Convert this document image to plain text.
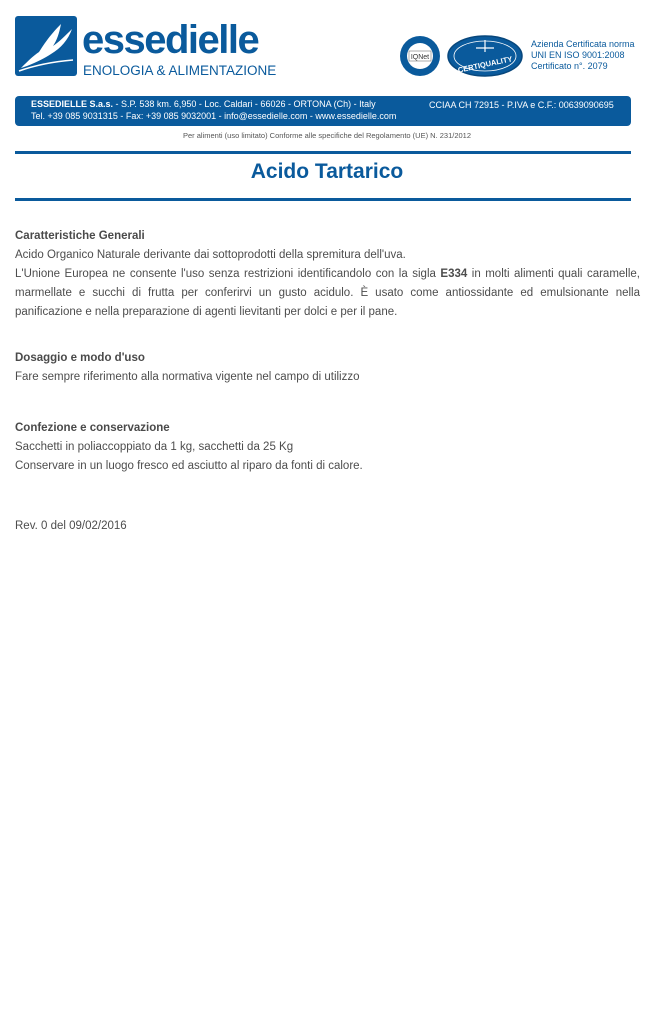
essedielle
ENOLOGIA & ALIMENTAZIONE
IQNet	CERTIQUALITY
Azienda Certificata norma
UNI EN ISO 9001:2008
Certificato n°. 2079
ESSEDIELLE S.a.s. - S.P. 538 km. 6,950 - Loc. Caldari - 66026 - ORTONA (Ch) - Italy
Tel. +39 085 9031315 - Fax: +39 085 9032001 - info@essedielle.com - www.essedielle.com
CCIAA CH 72915 - P.IVA e C.F.: 00639090695
Per alimenti (uso limitato) Conforme alle specifiche del Regolamento (UE) N. 231/2012
Acido Tartarico
Caratteristiche Generali

Acido Organico Naturale derivante dai sottoprodotti della spremitura dell'uva.

L'Unione Europea ne consente l'uso senza restrizioni identificandolo con la sigla E334 in molti alimenti quali caramelle, marmellate e succhi di frutta per conferirvi un gusto acidulo. È usato come antiossidante ed emulsionante nella panificazione e nella preparazione di agenti lievitanti per dolci e per il pane.

Dosaggio e modo d'uso

Fare sempre riferimento alla normativa vigente nel campo di utilizzo

Confezione e conservazione

Sacchetti in poliaccoppiato da 1 kg, sacchetti da 25 Kg

Conservare in un luogo fresco ed asciutto al riparo da fonti di calore.

Rev. 0 del 09/02/2016
